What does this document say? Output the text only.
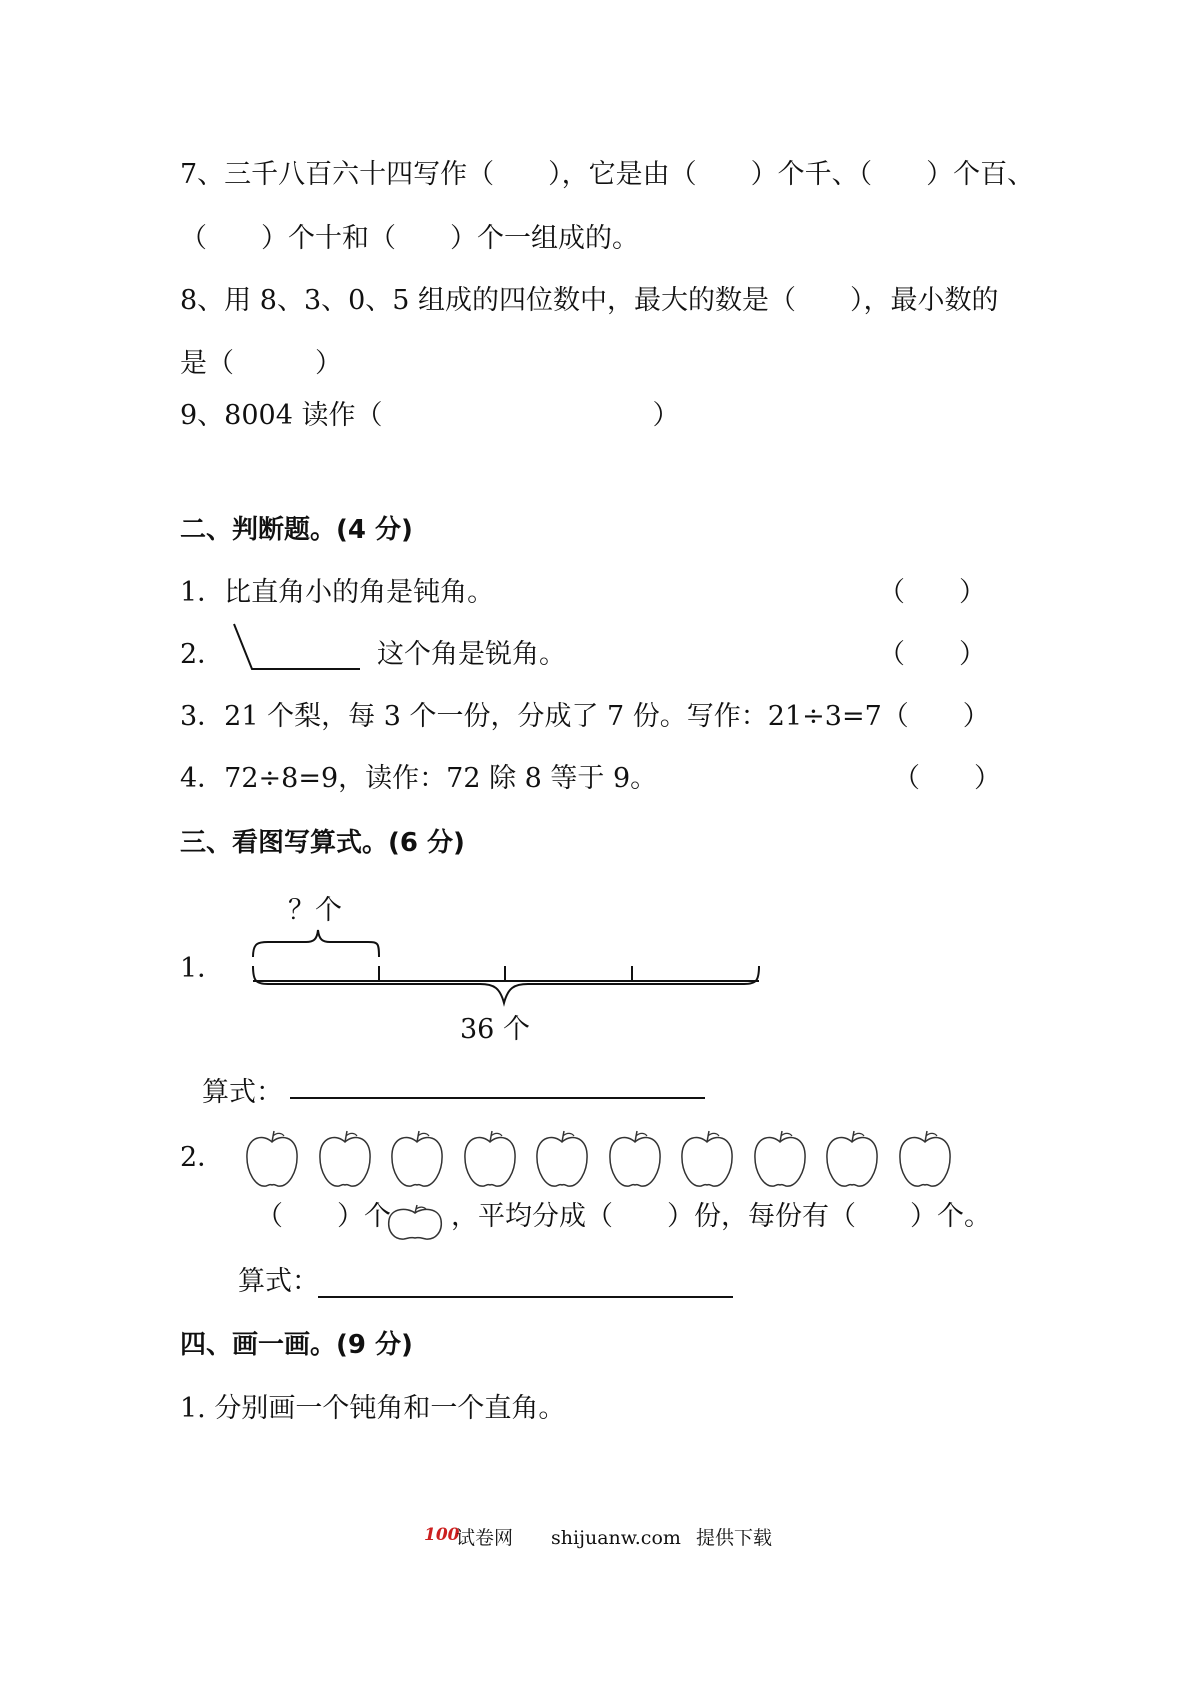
7、三千八百六十四写作（　　），它是由（　　）个千、（　　）个百、
（　　）个十和（　　）个一组成的。
8、用 8、3、0、5 组成的四位数中，最大的数是（　　），最小数的
是（　　　）
9、8004 读作（　　　　　　　　　　）
二、判断题。(4 分)
1．比直角小的角是钝角。	（　　）
2．	这个角是锐角。	（　　）
3．21 个梨，每 3 个一份，分成了 7 份。写作：21÷3=7（　　）
4．72÷8=9，读作：72 除 8 等于 9。	（　　）
三、看图写算式。(6 分)
？个
1．
36 个
算式：
2．
（　　）个 ，平均分成（　　）份，每份有（　　）个。
算式：
四、画一画。(9 分)
1. 分别画一个钝角和一个直角。
100
试卷网 shijuanw.com 提供下载
